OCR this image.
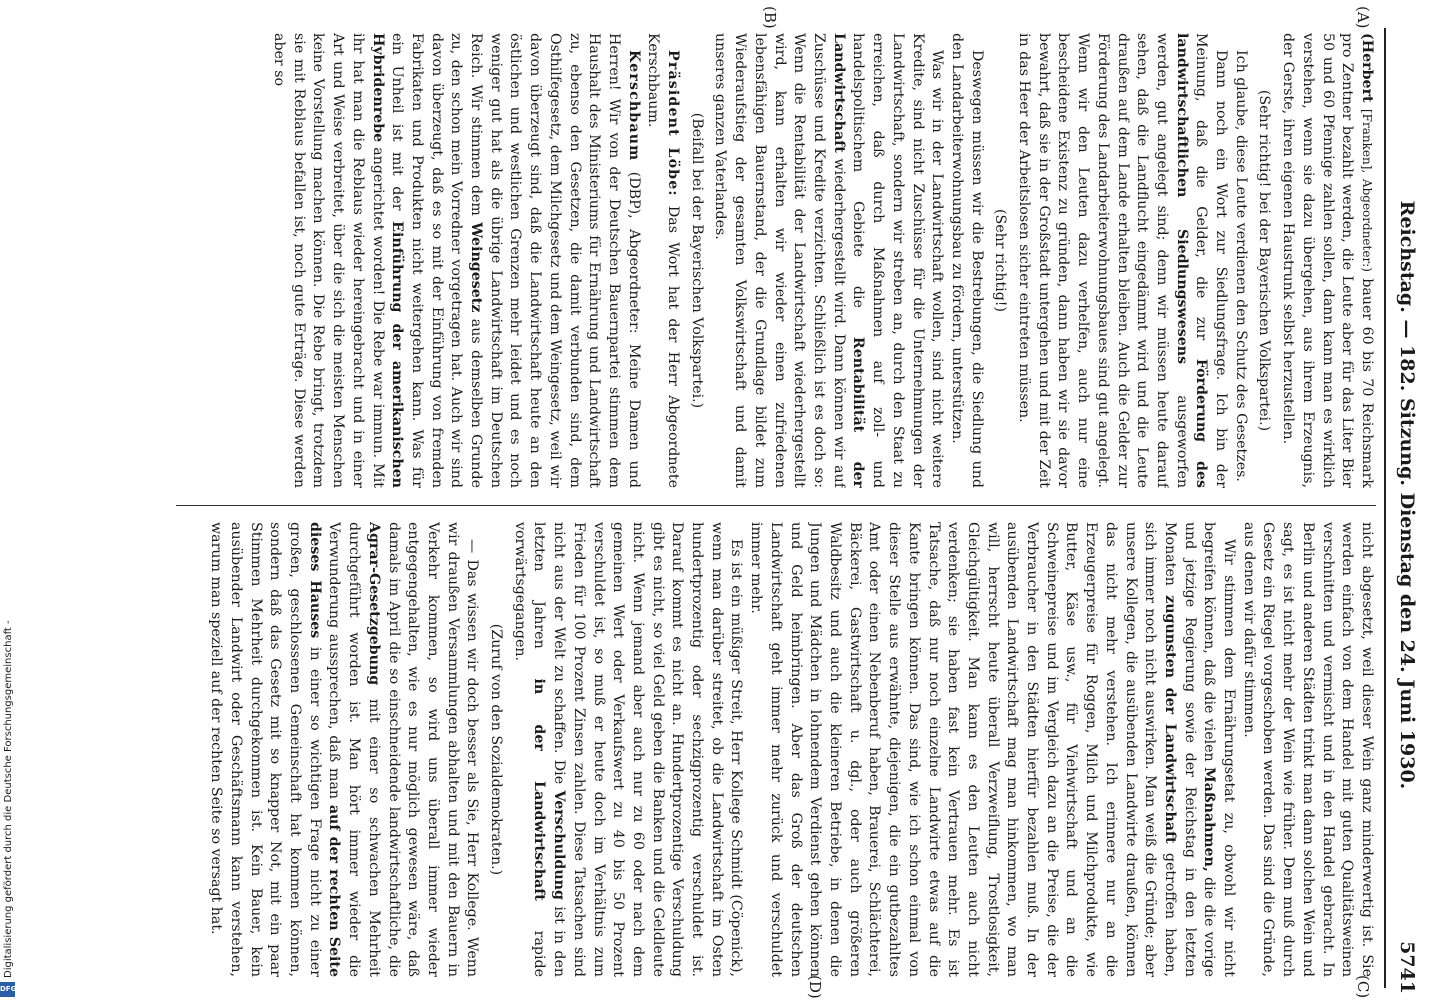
Reichstag. — 182. Sitzung. Dienstag den 24. Juni 1930.
5741
(A)
(B)
(C)
(D)

(Herbert [Franken], Abgeordneter:) bauer 60 bis 70 Reichsmark pro Zentner bezahlt werden, die Leute aber für das Liter Bier 50 und 60 Pfennige zahlen sollen, dann kann man es wirklich verstehen, wenn sie dazu übergehen, aus ihrem Erzeugnis, der Gerste, ihren eigenen Haustrunk selbst herzustellen.

(Sehr richtig! bei der Bayerischen Volkspartei.)

Ich glaube, diese Leute verdienen den Schutz des Gesetzes.

Dann noch ein Wort zur Siedlungsfrage. Ich bin der Meinung, daß die Gelder, die zur Förderung des landwirtschaftlichen Siedlungswesens ausgeworfen werden, gut angelegt sind; denn wir müssen heute darauf sehen, daß die Landflucht eingedämmt wird und die Leute draußen auf dem Lande erhalten bleiben. Auch die Gelder zur Förderung des Landarbeiterwohnungsbaues sind gut angelegt. Wenn wir den Leuten dazu verhelfen, auch nur eine bescheidene Existenz zu gründen, dann haben wir sie davor bewahrt, daß sie in der Großstadt untergehen und mit der Zeit in das Heer der Arbeitslosen sicher eintreten müssen.

(Sehr richtig!)

Deswegen müssen wir die Bestrebungen, die Siedlung und den Landarbeiterwohnungsbau zu fördern, unterstützen.

Was wir in der Landwirtschaft wollen, sind nicht weitere Kredite, sind nicht Zuschüsse für die Unternehmungen der Landwirtschaft, sondern wir streben an, durch den Staat zu erreichen, daß durch Maßnahmen auf zoll- und handelspolitischem Gebiete die Rentabilität der Landwirtschaft wiederhergestellt wird. Dann können wir auf Zuschüsse und Kredite verzichten. Schließlich ist es doch so: Wenn die Rentabilität der Landwirtschaft wiederhergestellt wird, kann erhalten wir wieder einen zufriedenen lebensfähigen Bauernstand, der die Grundlage bildet zum Wiederaufstieg der gesamten Volkswirtschaft und damit unseres ganzen Vaterlandes.

(Beifall bei der Bayerischen Volkspartei.)

Präsident Löbe: Das Wort hat der Herr Abgeordnete Kerschbaum.

Kerschbaum (DBP), Abgeordneter: Meine Damen und Herren! Wir von der Deutschen Bauernpartei stimmen dem Haushalt des Ministeriums für Ernährung und Landwirtschaft zu, ebenso den Gesetzen, die damit verbunden sind, dem Osthilfegesetz, dem Milchgesetz und dem Weingesetz, weil wir davon überzeugt sind, daß die Landwirtschaft heute an den östlichen und westlichen Grenzen mehr leidet und es noch weniger gut hat als die übrige Landwirtschaft im Deutschen Reich. Wir stimmen dem Weingesetz aus demselben Grunde zu, den schon mein Vorredner vorgetragen hat. Auch wir sind davon überzeugt, daß es so mit der Einführung von fremden Fabrikaten und Produkten nicht weitergehen kann. Was für ein Unheil ist mit der Einführung der amerikanischen Hybridenrebe angerichtet worden! Die Rebe war immun. Mit ihr hat man die Reblaus wieder hereingebracht und in einer Art und Weise verbreitet, über die sich die meisten Menschen keine Vorstellung machen können. Die Rebe bringt, trotzdem sie mit Reblaus befallen ist, noch gute Erträge. Diese werden aber so

nicht abgesetzt, weil dieser Wein ganz minderwertig ist. Sie werden einfach von dem Handel mit guten Qualitätsweinen verschnitten und vermischt und in den Handel gebracht. In Berlin und anderen Städten trinkt man dann solchen Wein und sagt, es ist nicht mehr der Wein wie früher. Dem muß durch Gesetz ein Riegel vorgeschoben werden. Das sind die Gründe, aus denen wir dafür stimmen.

Wir stimmen dem Ernährungsetat zu, obwohl wir nicht begreifen können, daß die vielen Maßnahmen, die die vorige und jetzige Regierung sowie der Reichstag in den letzten Monaten zugunsten der Landwirtschaft getroffen haben, sich immer noch nicht auswirken. Man weiß die Gründe; aber unsere Kollegen, die ausübenden Landwirte draußen, können das nicht mehr verstehen. Ich erinnere nur an die Erzeugerpreise für Roggen, Milch und Milchprodukte, wie Butter, Käse usw., für Viehwirtschaft und an die Schweinepreise und im Vergleich dazu an die Preise, die der Verbraucher in den Städten hierfür bezahlen muß. In der ausübenden Landwirtschaft mag man hinkommen, wo man will, herrscht heute überall Verzweiflung, Trostlosigkeit, Gleichgültigkeit. Man kann es den Leuten auch nicht verdenken; sie haben fast kein Vertrauen mehr. Es ist Tatsache, daß nur noch einzelne Landwirte etwas auf die Kante bringen können. Das sind, wie ich schon einmal von dieser Stelle aus erwähnte, diejenigen, die ein gutbezahltes Amt oder einen Nebenberuf haben, Brauerei, Schlächterei, Bäckerei, Gastwirtschaft u. dgl., oder auch größeren Waldbesitz und auch die kleineren Betriebe, in denen die Jungen und Mädchen in lohnendem Verdienst gehen können und Geld heimbringen. Aber das Groß der deutschen Landwirtschaft geht immer mehr zurück und verschuldet immer mehr.

Es ist ein müßiger Streit, Herr Kollege Schmidt (Cöpenick), wenn man darüber streitet, ob die Landwirtschaft im Osten hundertprozentig oder sechzigprozentig verschuldet ist. Darauf kommt es nicht an. Hundertprozentige Verschuldung gibt es nicht, so viel Geld geben die Banken und die Geldleute nicht. Wenn jemand aber auch nur zu 60 oder nach dem gemeinen Wert oder Verkaufswert zu 40 bis 50 Prozent verschuldet ist, so muß er heute doch im Verhältnis zum Frieden für 100 Prozent Zinsen zahlen. Diese Tatsachen sind nicht aus der Welt zu schaffen. Die Verschuldung ist in den letzten Jahren in der Landwirtschaft rapide vorwärtsgegangen.

(Zuruf von den Sozialdemokraten.)

— Das wissen wir doch besser als Sie, Herr Kollege. Wenn wir draußen Versammlungen abhalten und mit den Bauern in Verkehr kommen, so wird uns überall immer wieder entgegengehalten, wie es nur möglich gewesen wäre, daß damals im April die so einschneidende landwirtschaftliche, die Agrar-Gesetzgebung mit einer so schwachen Mehrheit durchgeführt worden ist. Man hört immer wieder die Verwunderung aussprechen, daß man auf der rechten Seite dieses Hauses in einer so wichtigen Frage nicht zu einer großen, geschlossenen Gemeinschaft hat kommen können, sondern daß das Gesetz mit so knapper Not, mit ein paar Stimmen Mehrheit durchgekommen ist. Kein Bauer, kein ausübender Landwirt oder Geschäftsmann kann verstehen, warum man speziell auf der rechten Seite so versagt hat.

Digitalisierung gefördert durch die Deutsche Forschungsgemeinschaft -
DFG
